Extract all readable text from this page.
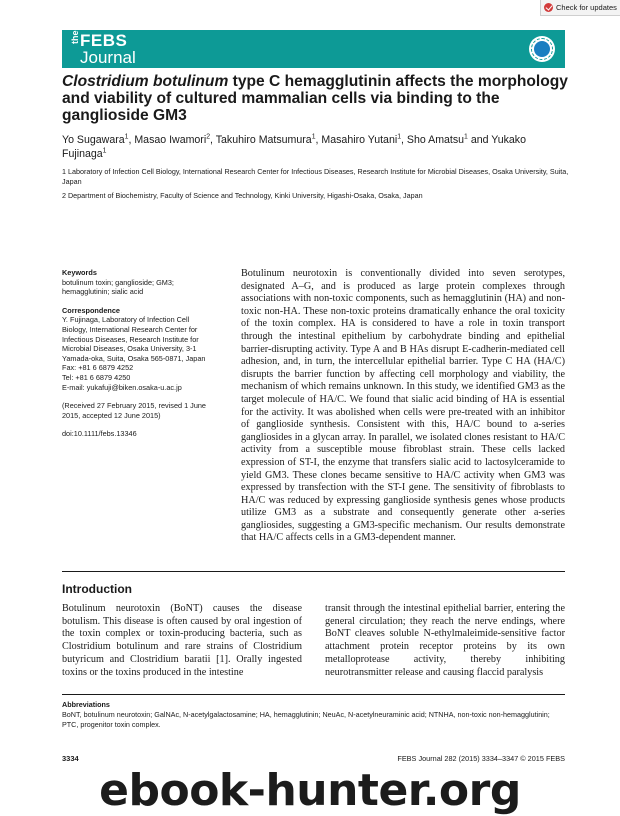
Check for updates
the FEBS
Journal
Clostridium botulinum type C hemagglutinin affects the morphology and viability of cultured mammalian cells via binding to the ganglioside GM3
Yo Sugawara$^1$, Masao Iwamori$^2$, Takuhiro Matsumura$^1$, Masahiro Yutani$^1$, Sho Amatsu$^1$ and Yukako Fujinaga$^1$

1 Laboratory of Infection Cell Biology, International Research Center for Infectious Diseases, Research Institute for Microbial Diseases, Osaka University, Suita, Japan

2 Department of Biochemistry, Faculty of Science and Technology, Kinki University, Higashi-Osaka, Osaka, Japan

Keywords

botulinum toxin; ganglioside; GM3; hemagglutinin; sialic acid

Correspondence

Y. Fujinaga, Laboratory of Infection Cell

Biology, International Research Center for

Infectious Diseases, Research Institute for

Microbial Diseases, Osaka University, 3-1

Yamada-oka, Suita, Osaka 565-0871, Japan

Fax: +81 6 6879 4252

Tel: +81 6 6879 4250

E-mail: yukafuji@biken.osaka-u.ac.jp

(Received 27 February 2015, revised 1 June

2015, accepted 12 June 2015)

doi:10.1111/febs.13346

Botulinum neurotoxin is conventionally divided into seven serotypes, designated A–G, and is produced as large protein complexes through associations with non-toxic components, such as hemagglutinin (HA) and non-toxic non-HA. These non-toxic proteins dramatically enhance the oral toxicity of the toxin complex. HA is considered to have a role in toxin transport through the intestinal epithelium by carbohydrate binding and epithelial barrier-disrupting activity. Type A and B HAs disrupt E-cadherin-mediated cell adhesion, and, in turn, the intercellular epithelial barrier. Type C HA (HA/C) disrupts the barrier function by affecting cell morphology and viability, the mechanism of which remains unknown. In this study, we identified GM3 as the target molecule of HA/C. We found that sialic acid binding of HA is essential for the activity. It was abolished when cells were pre-treated with an inhibitor of ganglioside synthesis. Consistent with this, HA/C bound to a-series gangliosides in a glycan array. In parallel, we isolated clones resistant to HA/C activity from a susceptible mouse fibroblast strain. These cells lacked expression of ST-I, the enzyme that transfers sialic acid to lactosylceramide to yield GM3. These clones became sensitive to HA/C activity when GM3 was expressed by transfection with the ST-I gene. The sensitivity of fibroblasts to HA/C was reduced by expressing ganglioside synthesis genes whose products utilize GM3 as a substrate and consequently generate other a-series gangliosides, suggesting a GM3-specific mechanism. Our results demonstrate that HA/C affects cells in a GM3-dependent manner.
Introduction
Botulinum neurotoxin (BoNT) causes the disease botulism. This disease is often caused by oral ingestion of the toxin complex or toxin-producing bacteria, such as Clostridium botulinum and rare strains of Clostridium butyricum and Clostridium baratii [1]. Orally ingested toxins or the toxins produced in the intestine
transit through the intestinal epithelial barrier, entering the general circulation; they reach the nerve endings, where BoNT cleaves soluble N-ethylmaleimide-sensitive factor attachment protein receptor proteins by its own metalloprotease activity, thereby inhibiting neurotransmitter release and causing flaccid paralysis
Abbreviations
BoNT, botulinum neurotoxin; GalNAc, N-acetylgalactosamine; HA, hemagglutinin; NeuAc, N-acetylneuraminic acid; NTNHA, non-toxic non-hemagglutinin; PTC, progenitor toxin complex.
3334	FEBS Journal 282 (2015) 3334–3347 © 2015 FEBS
ebook-hunter.org
